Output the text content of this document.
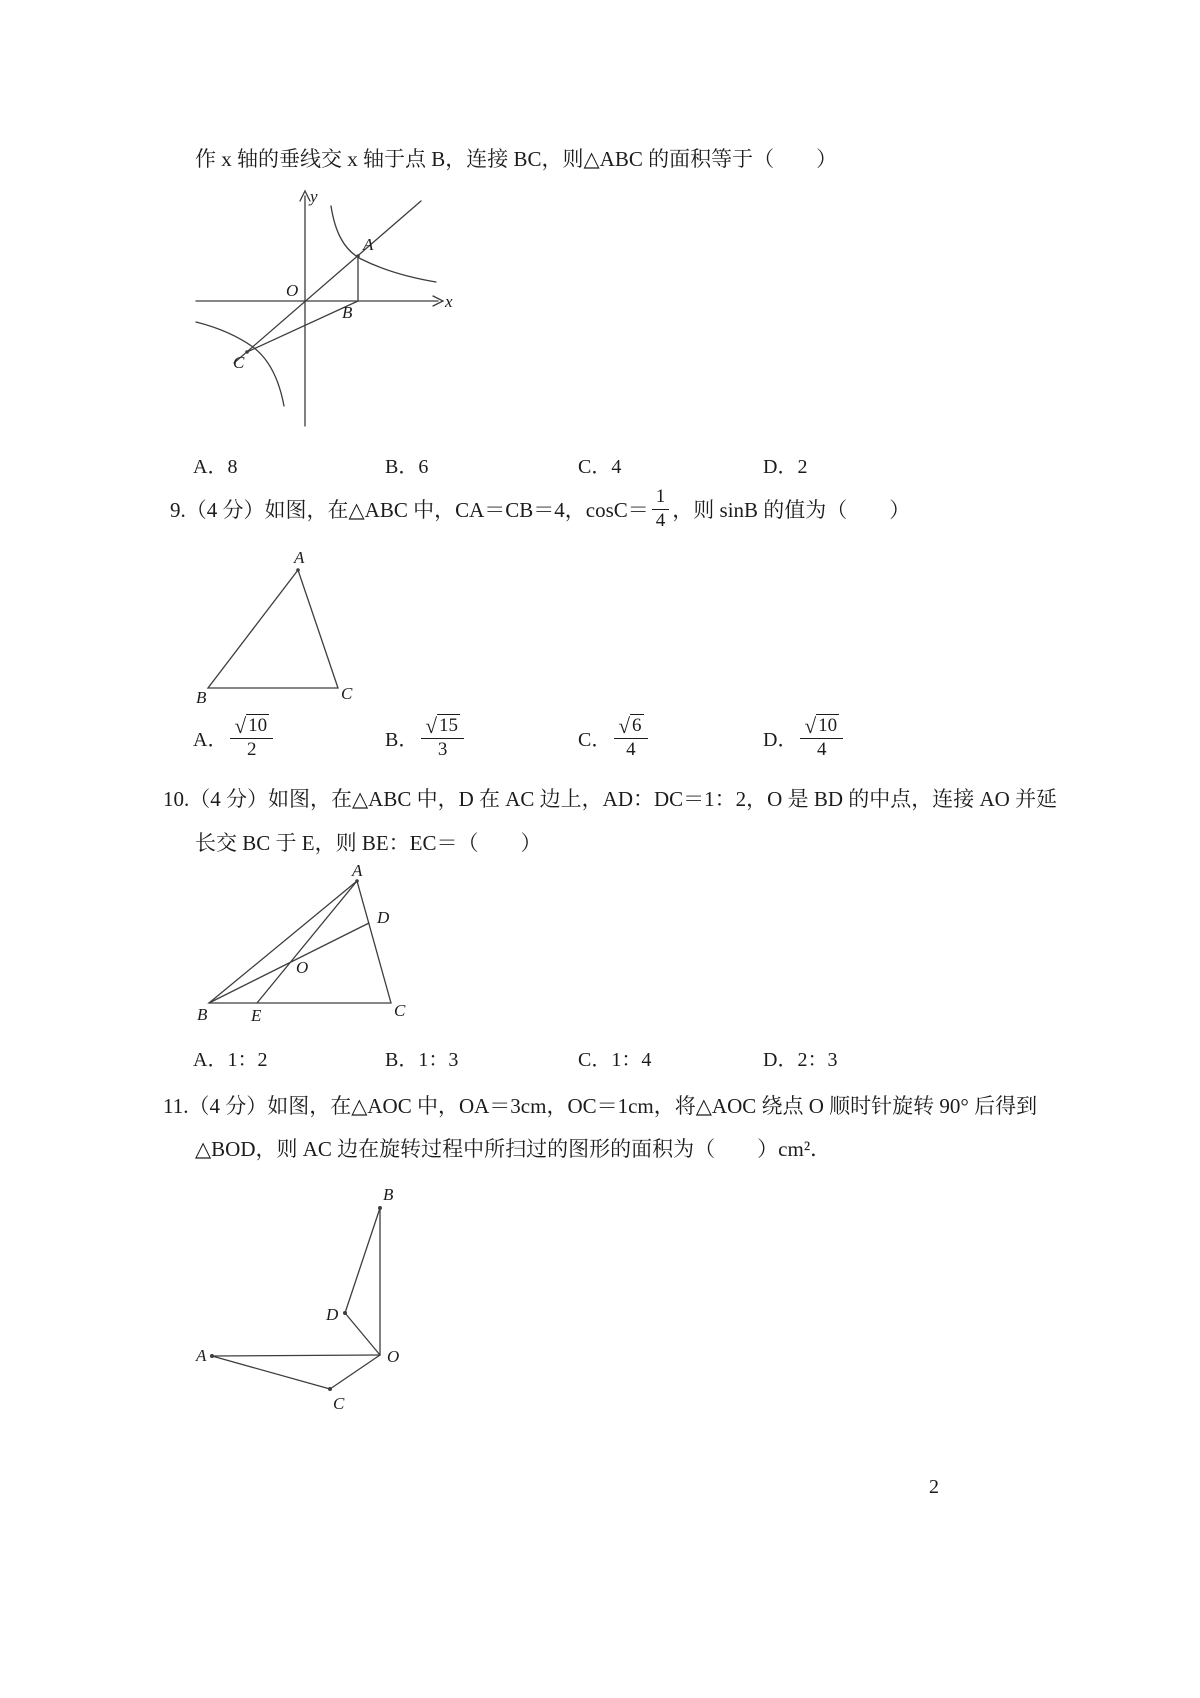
作 x 轴的垂线交 x 轴于点 B，连接 BC，则△ABC 的面积等于（　　）
y
x
O
A
B
C
A．8	B．6	C．4	D．2
9.（4 分）如图，在△ABC 中，CA＝CB＝4，$\cos C= \frac{1}{4}$ ，则 sinB 的值为（　　）
A
B	C
A． $\frac{√ 10}{2}$	B． $\frac{√ 15}{3}$	C． $\frac{√ 6}{4}$	D． $\frac{√ 10}{4}$
10.（4 分）如图，在△ABC 中，D 在 AC 边上，AD：DC＝1：2，O 是 BD 的中点，连接 AO 并延
长交 BC 于 E，则 BE：EC＝（　　）
A
B	C
D
E
O
A．1：2	B．1：3	C．1：4	D．2：3
11.（4 分）如图，在△AOC 中，OA＝3cm，OC＝1cm，将△AOC 绕点 O 顺时针旋转 90° 后得到
△BOD，则 AC 边在旋转过程中所扫过的图形的面积为（　　）cm²．
B
D
O
A
C
2
